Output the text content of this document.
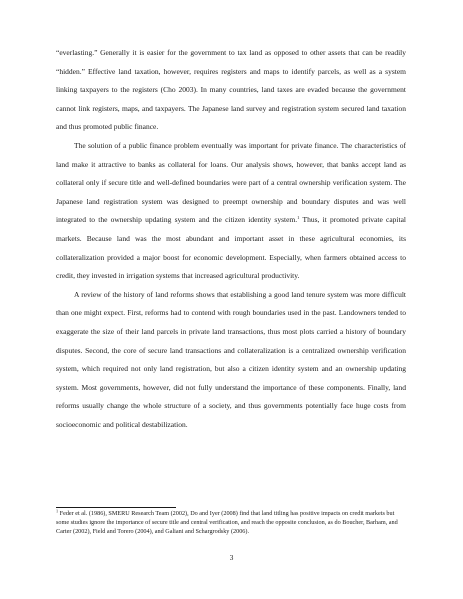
“everlasting.” Generally it is easier for the government to tax land as opposed to other assets that can be readily “hidden.” Effective land taxation, however, requires registers and maps to identify parcels, as well as a system linking taxpayers to the registers (Cho 2003). In many countries, land taxes are evaded because the government cannot link registers, maps, and taxpayers. The Japanese land survey and registration system secured land taxation and thus promoted public finance.

The solution of a public finance problem eventually was important for private finance. The characteristics of land make it attractive to banks as collateral for loans. Our analysis shows, however, that banks accept land as collateral only if secure title and well-defined boundaries were part of a central ownership verification system. The Japanese land registration system was designed to preempt ownership and boundary disputes and was well integrated to the ownership updating system and the citizen identity system.$^1$ Thus, it promoted private capital markets. Because land was the most abundant and important asset in these agricultural economies, its collateralization provided a major boost for economic development. Especially, when farmers obtained access to credit, they invested in irrigation systems that increased agricultural productivity.

A review of the history of land reforms shows that establishing a good land tenure system was more difficult than one might expect. First, reforms had to contend with rough boundaries used in the past. Landowners tended to exaggerate the size of their land parcels in private land transactions, thus most plots carried a history of boundary disputes. Second, the core of secure land transactions and collateralization is a centralized ownership verification system, which required not only land registration, but also a citizen identity system and an ownership updating system. Most governments, however, did not fully understand the importance of these components. Finally, land reforms usually change the whole structure of a society, and thus governments potentially face huge costs from socioeconomic and political destabilization.

$^1$ Feder et al. (1986), SMERU Research Team (2002), Do and Iyer (2008) find that land titling has positive impacts on credit markets but some studies ignore the importance of secure title and central verification, and reach the opposite conclusion, as do Boucher, Barham, and Carter (2002), Field and Torero (2004), and Galiani and Schargrodsky (2006).
3
